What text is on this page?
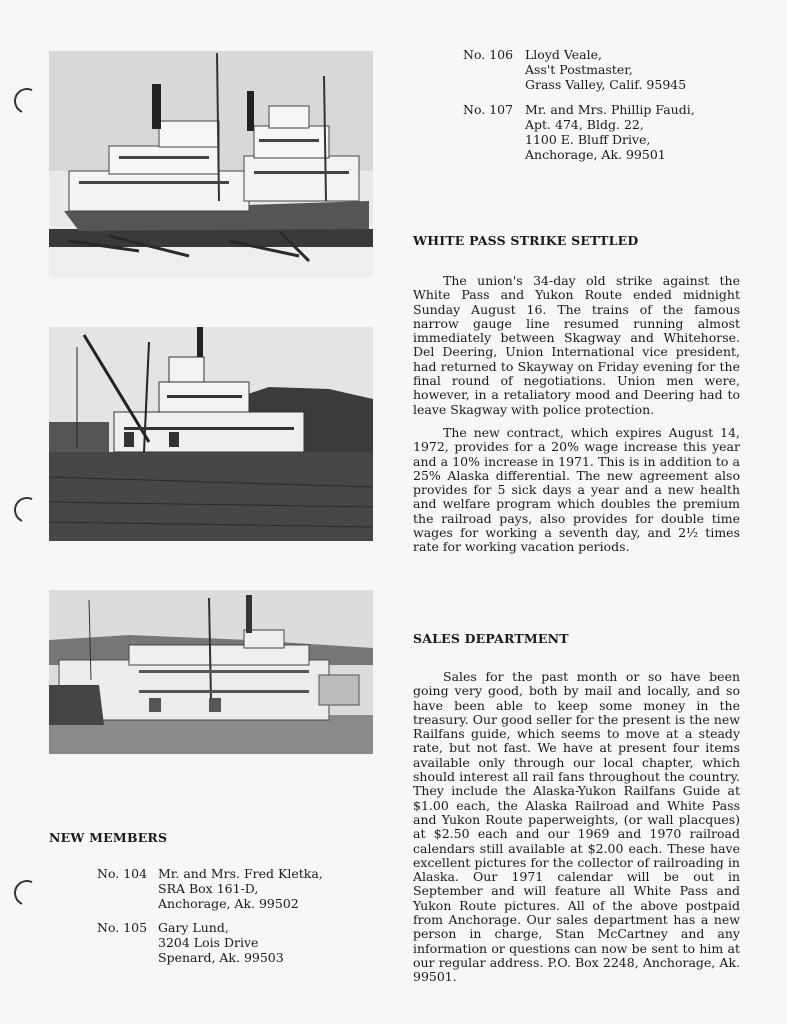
NEW MEMBERS
No. 104 Mr. and Mrs. Fred Kletka,
SRA Box 161-D,
Anchorage, Ak. 99502
No. 105 Gary Lund,
3204 Lois Drive
Spenard, Ak. 99503
No. 106 Lloyd Veale,
Ass't Postmaster,
Grass Valley, Calif. 95945
No. 107 Mr. and Mrs. Phillip Faudi,
Apt. 474, Bldg. 22,
1100 E. Bluff Drive,
Anchorage, Ak. 99501
WHITE PASS STRIKE SETTLED

The union's 34-day old strike against the White Pass and Yukon Route ended midnight Sunday August 16. The trains of the famous narrow gauge line resumed running almost immediately between Skagway and Whitehorse. Del Deering, Union International vice president, had returned to Skayway on Friday evening for the final round of negotiations. Union men were, however, in a retaliatory mood and Deering had to leave Skagway with police protection.

The new contract, which expires August 14, 1972, provides for a 20% wage increase this year and a 10% increase in 1971. This is in addition to a 25% Alaska differential. The new agreement also provides for 5 sick days a year and a new health and welfare program which doubles the premium the railroad pays, also provides for double time wages for working a seventh day, and 2½ times rate for working vacation periods.

SALES DEPARTMENT

Sales for the past month or so have been going very good, both by mail and locally, and so have been able to keep some money in the treasury. Our good seller for the present is the new Railfans guide, which seems to move at a steady rate, but not fast. We have at present four items available only through our local chapter, which should interest all rail fans throughout the country. They include the Alaska-Yukon Railfans Guide at $1.00 each, the Alaska Railroad and White Pass and Yukon Route paperweights, (or wall placques) at $2.50 each and our 1969 and 1970 railroad calendars still available at $2.00 each. These have excellent pictures for the collector of railroading in Alaska. Our 1971 calendar will be out in September and will feature all White Pass and Yukon Route pictures. All of the above postpaid from Anchorage. Our sales department has a new person in charge, Stan McCartney and any information or questions can now be sent to him at our regular address. P.O. Box 2248, Anchorage, Ak. 99501.
